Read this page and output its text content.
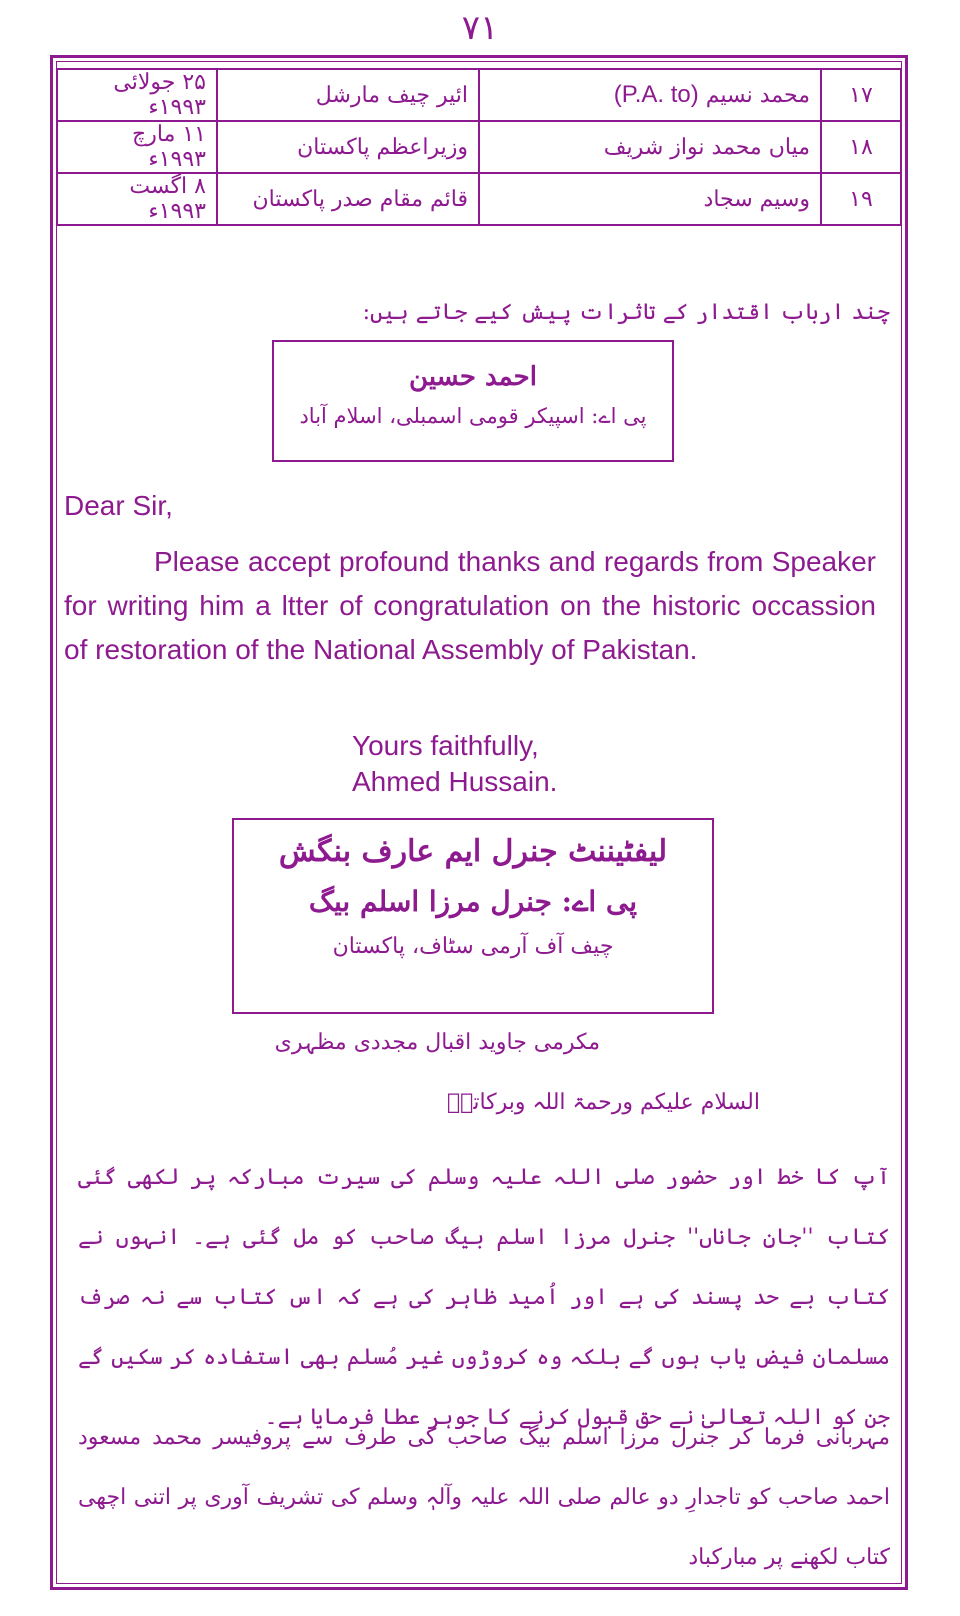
۷۱
۱۷	محمد نسیم (P.A. to)	ائیر چیف مارشل	۲۵ جولائی ۱۹۹۳ء
۱۸	میاں محمد نواز شریف	وزیراعظم پاکستان	۱۱ مارچ ۱۹۹۳ء
۱۹	وسیم سجاد	قائم مقام صدر پاکستان	۸ اگست ۱۹۹۳ء
چند ارباب اقتدار کے تاثرات پیش کیے جاتے ہیں:
احمد حسین
پی اے: اسپیکر قومی اسمبلی، اسلام آباد
Dear Sir,
Please accept profound thanks and regards from Speaker for writing him a ltter of congratulation on the historic occassion of restoration of the National Assembly of Pakistan.
Yours faithfully,
Ahmed Hussain.
لیفٹیننٹ جنرل ایم عارف بنگش
پی اے: جنرل مرزا اسلم بیگ
چیف آف آرمی سٹاف، پاکستان
مکرمی جاوید اقبال مجددی مظہری
السلام علیکم ورحمۃ اللہ وبرکاتہٗ
آپ کا خط اور حضور صلی اللہ علیہ وسلم کی سیرت مبارکہ پر لکھی گئی کتاب ''جانِ جاناں'' جنرل مرزا اسلم بیگ صاحب کو مل گئی ہے۔ انہوں نے کتاب بے حد پسند کی ہے اور اُمید ظاہر کی ہے کہ اس کتاب سے نہ صرف مسلمان فیض یاب ہوں گے بلکہ وہ کروڑوں غیر مُسلم بھی استفادہ کر سکیں گے جن کو اللہ تعالیٰ نے حق قبول کرنے کا جوہر عطا فرمایا ہے۔
مہربانی فرما کر جنرل مرزا اسلم بیگ صاحب کی طرف سے پروفیسر محمد مسعود احمد صاحب کو تاجدارِ دو عالم صلی اللہ علیہ وآلہٖ وسلم کی تشریف آوری پر اتنی اچھی کتاب لکھنے پر مبارکباد
